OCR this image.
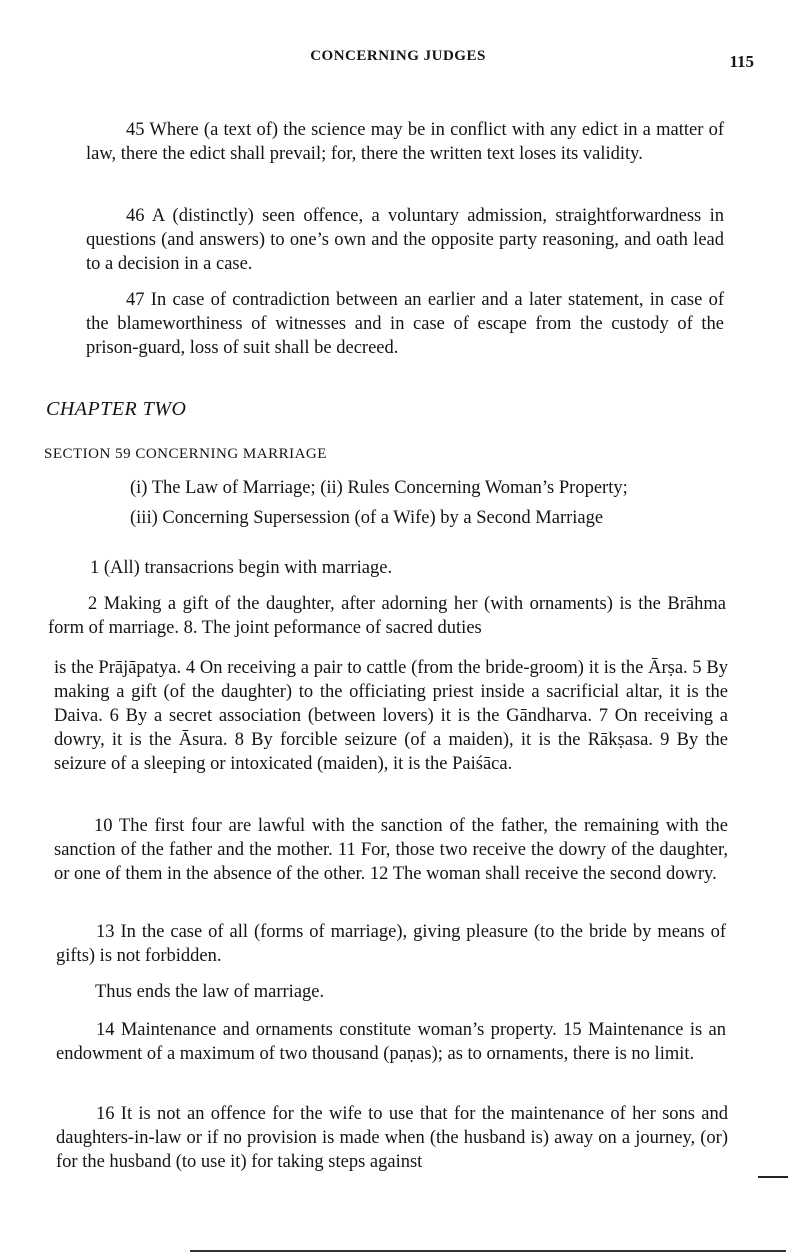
CONCERNING JUDGES	115

45 Where (a text of) the science may be in conflict with any edict in a matter of law, there the edict shall prevail; for, there the written text loses its validity.

46 A (distinctly) seen offence, a voluntary admission, straightforwardness in questions (and answers) to one’s own and the opposite party reasoning, and oath lead to a decision in a case.

47 In case of contradiction between an earlier and a later statement, in case of the blameworthiness of witnesses and in case of escape from the custody of the prison-guard, loss of suit shall be decreed.

CHAPTER TWO
SECTION 59 CONCERNING MARRIAGE
(i) The Law of Marriage; (ii) Rules Concerning Woman’s Property;
(iii) Concerning Supersession (of a Wife) by a Second Marriage

1 (All) transacrions begin with marriage.

2 Making a gift of the daughter, after adorning her (with ornaments) is the Brāhma form of marriage. 8. The joint peformance of sacred duties

is the Prājāpatya. 4 On receiving a pair to cattle (from the bride-groom) it is the Ārṣa. 5 By making a gift (of the daughter) to the officiating priest inside a sacrificial altar, it is the Daiva. 6 By a secret association (between lovers) it is the Gāndharva. 7 On receiving a dowry, it is the Āsura. 8 By forcible seizure (of a maiden), it is the Rākṣasa. 9 By the seizure of a sleeping or intoxicated (maiden), it is the Paiśāca.

10 The first four are lawful with the sanction of the father, the remaining with the sanction of the father and the mother. 11 For, those two receive the dowry of the daughter, or one of them in the absence of the other. 12 The woman shall receive the second dowry.

13 In the case of all (forms of marriage), giving pleasure (to the bride by means of gifts) is not forbidden.

Thus ends the law of marriage.

14 Maintenance and ornaments constitute woman’s property. 15 Maintenance is an endowment of a maximum of two thousand (paṇas); as to ornaments, there is no limit.

16 It is not an offence for the wife to use that for the maintenance of her sons and daughters-in-law or if no provision is made when (the husband is) away on a journey, (or) for the husband (to use it) for taking steps against
